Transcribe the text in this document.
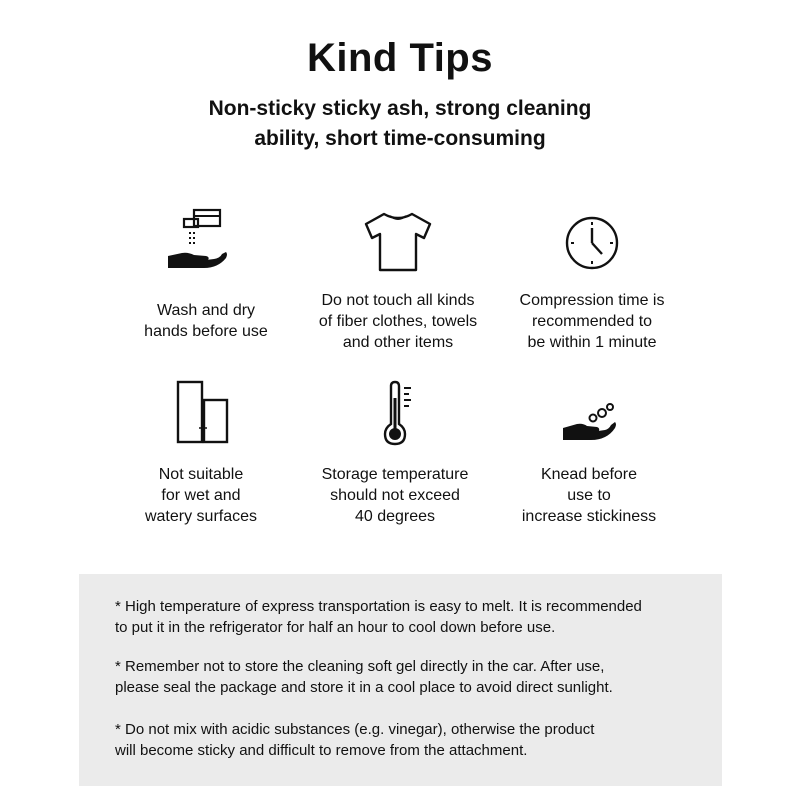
Kind Tips
Non-sticky sticky ash, strong cleaning
ability, short time-consuming
Wash and dry
hands before use
Do not touch all kinds
of fiber clothes, towels
and other items
Compression time is
recommended to
be within 1 minute
Not suitable
for wet and
watery surfaces
Storage temperature
should not exceed
40 degrees
Knead before
use to
increase stickiness
* High temperature of express transportation is easy to melt. It is recommended
to put it in the refrigerator for half an hour to cool down before use.
* Remember not to store the cleaning soft gel directly in the car. After use,
please seal the package and store it in a cool place to avoid direct sunlight.
* Do not mix with acidic substances (e.g. vinegar), otherwise the product
will become sticky and difficult to remove from the attachment.
